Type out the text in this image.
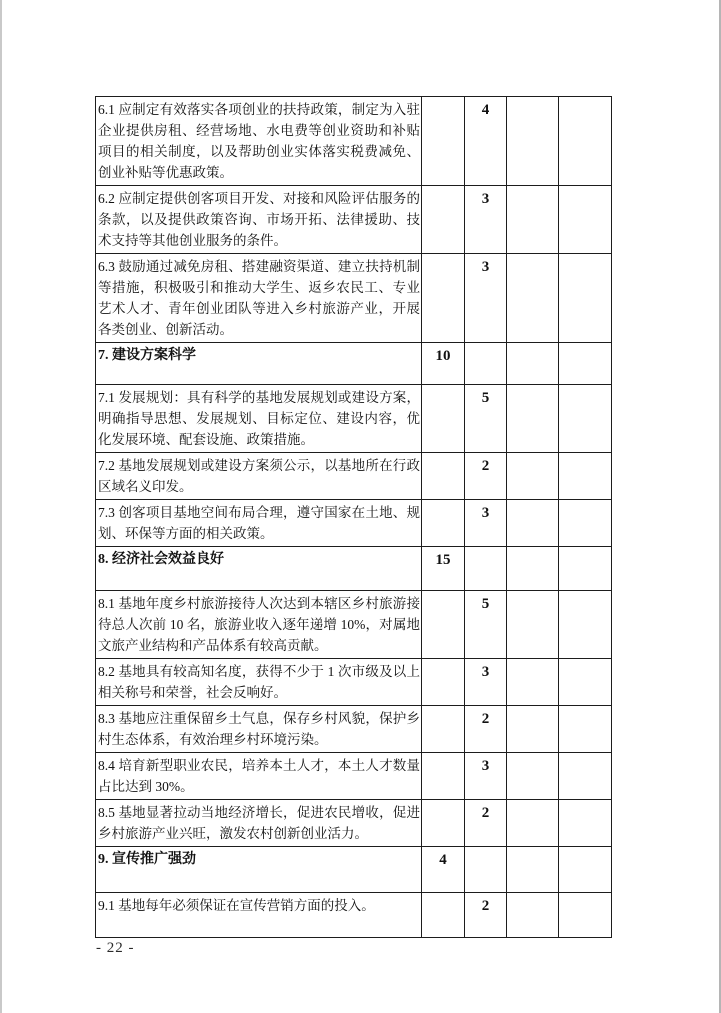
6.1 应制定有效落实各项创业的扶持政策，制定为入驻企业提供房租、经营场地、水电费等创业资助和补贴项目的相关制度，以及帮助创业实体落实税费减免、创业补贴等优惠政策。		4		
6.2 应制定提供创客项目开发、对接和风险评估服务的条款，以及提供政策咨询、市场开拓、法律援助、技术支持等其他创业服务的条件。		3		
6.3 鼓励通过减免房租、搭建融资渠道、建立扶持机制等措施，积极吸引和推动大学生、返乡农民工、专业艺术人才、青年创业团队等进入乡村旅游产业，开展各类创业、创新活动。		3		
7. 建设方案科学	10			
7.1 发展规划：具有科学的基地发展规划或建设方案，明确指导思想、发展规划、目标定位、建设内容，优化发展环境、配套设施、政策措施。		5		
7.2 基地发展规划或建设方案须公示，以基地所在行政区域名义印发。		2		
7.3 创客项目基地空间布局合理，遵守国家在土地、规划、环保等方面的相关政策。		3		
8. 经济社会效益良好	15			
8.1 基地年度乡村旅游接待人次达到本辖区乡村旅游接待总人次前 10 名，旅游业收入逐年递增 10%，对属地文旅产业结构和产品体系有较高贡献。		5		
8.2 基地具有较高知名度，获得不少于 1 次市级及以上相关称号和荣誉，社会反响好。		3		
8.3 基地应注重保留乡土气息，保存乡村风貌，保护乡村生态体系，有效治理乡村环境污染。		2		
8.4 培育新型职业农民，培养本土人才，本土人才数量占比达到 30%。		3		
8.5 基地显著拉动当地经济增长，促进农民增收，促进乡村旅游产业兴旺，激发农村创新创业活力。		2		
9. 宣传推广强劲	4			
9.1 基地每年必须保证在宣传营销方面的投入。		2		
- 22 -
